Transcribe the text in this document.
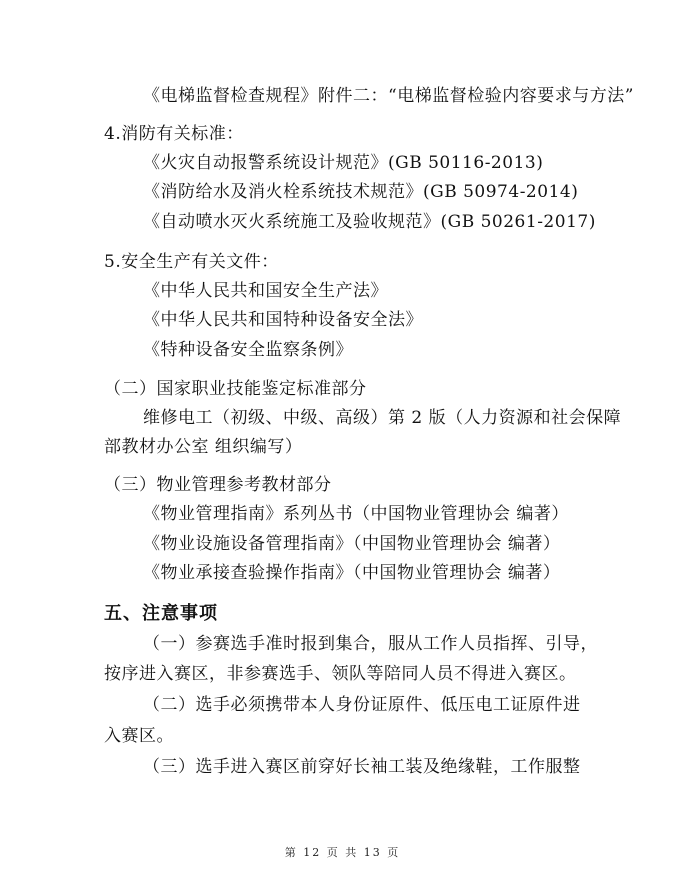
《电梯监督检查规程》附件二：“电梯监督检验内容要求与方法”
4.消防有关标准：
《火灾自动报警系统设计规范》(GB 50116-2013)
《消防给水及消火栓系统技术规范》(GB 50974-2014)
《自动喷水灭火系统施工及验收规范》(GB 50261-2017)
5.安全生产有关文件：
《中华人民共和国安全生产法》
《中华人民共和国特种设备安全法》
《特种设备安全监察条例》
（二）国家职业技能鉴定标准部分
维修电工（初级、中级、高级）第 2 版（人力资源和社会保障
部教材办公室 组织编写）
（三）物业管理参考教材部分
《物业管理指南》系列丛书（中国物业管理协会 编著）
《物业设施设备管理指南》（中国物业管理协会 编著）
《物业承接查验操作指南》（中国物业管理协会 编著）
五、注意事项
（一）参赛选手准时报到集合，服从工作人员指挥、引导，
按序进入赛区，非参赛选手、领队等陪同人员不得进入赛区。
（二）选手必须携带本人身份证原件、低压电工证原件进
入赛区。
（三）选手进入赛区前穿好长袖工装及绝缘鞋，工作服整
第 12 页 共 13 页
